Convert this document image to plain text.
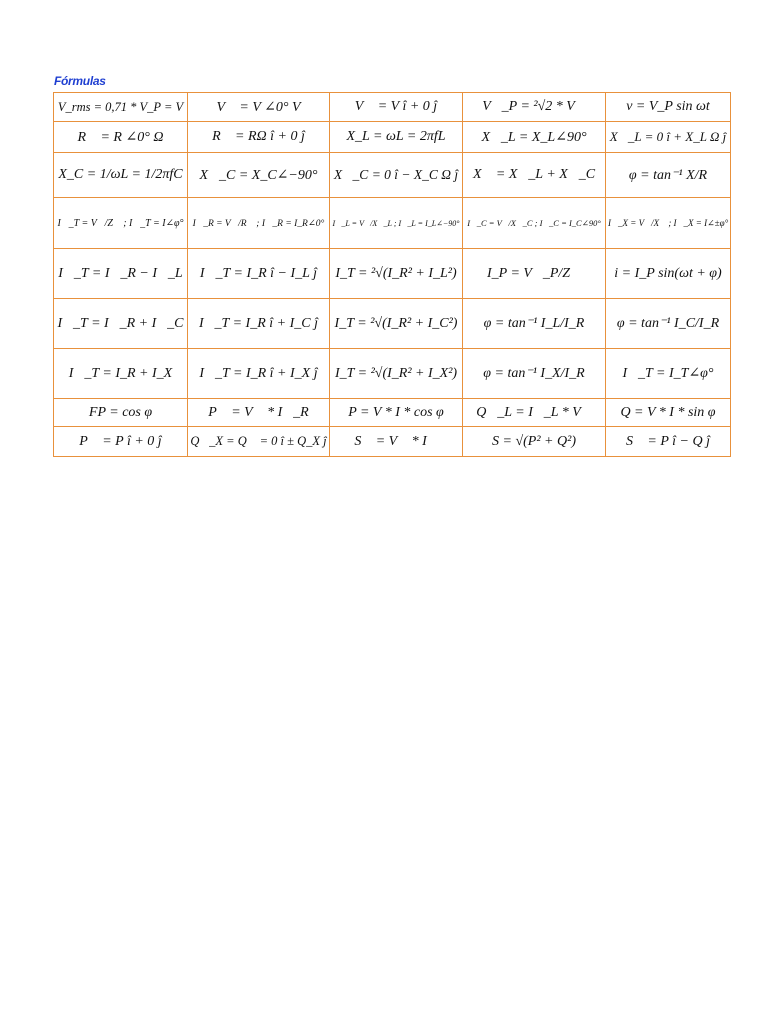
Fórmulas
V_rms = 0,71 * V_P = V	V⃗ = V ∠0° V	V⃗ = V î + 0 ĵ	V⃗_P = ²√2 * V⃗	v = V_P sin ωt
R⃗ = R ∠0° Ω	R⃗ = RΩ î + 0 ĵ	X_L = ωL = 2πfL	X⃗_L = X_L∠90°	X⃗_L = 0 î + X_L Ω ĵ
X_C = 1/ωL = 1/2πfC	X⃗_C = X_C∠−90°	X⃗_C = 0 î − X_C Ω ĵ	X⃗ = X⃗_L + X⃗_C	φ = tan⁻¹ X/R
I⃗_T = V⃗/Z⃗ ; I⃗_T = I∠φ°	I⃗_R = V⃗/R⃗ ; I⃗_R = I_R∠0°	I⃗_L = V⃗/X⃗_L ; I⃗_L = I_L∠−90°	I⃗_C = V⃗/X⃗_C ; I⃗_C = I_C∠90°	I⃗_X = V⃗/X⃗ ; I⃗_X = I∠±φ°
I⃗_T = I⃗_R − I⃗_L	I⃗_T = I_R î − I_L ĵ	I_T = ²√(I_R² + I_L²)	I_P = V⃗_P/Z⃗	i = I_P sin(ωt + φ)
I⃗_T = I⃗_R + I⃗_C	I⃗_T = I_R î + I_C ĵ	I_T = ²√(I_R² + I_C²)	φ = tan⁻¹ I_L/I_R	φ = tan⁻¹ I_C/I_R
I⃗_T = I_R + I_X	I⃗_T = I_R î + I_X ĵ	I_T = ²√(I_R² + I_X²)	φ = tan⁻¹ I_X/I_R	I⃗_T = I_T∠φ°
FP = cos φ	P⃗ = V⃗ * I⃗_R	P = V * I * cos φ	Q⃗_L = I⃗_L * V⃗	Q = V * I * sin φ
P⃗ = P î + 0 ĵ	Q⃗_X = Q⃗ = 0 î ± Q_X ĵ	S⃗ = V⃗ * I⃗	S = √(P² + Q²)	S⃗ = P î − Q ĵ
